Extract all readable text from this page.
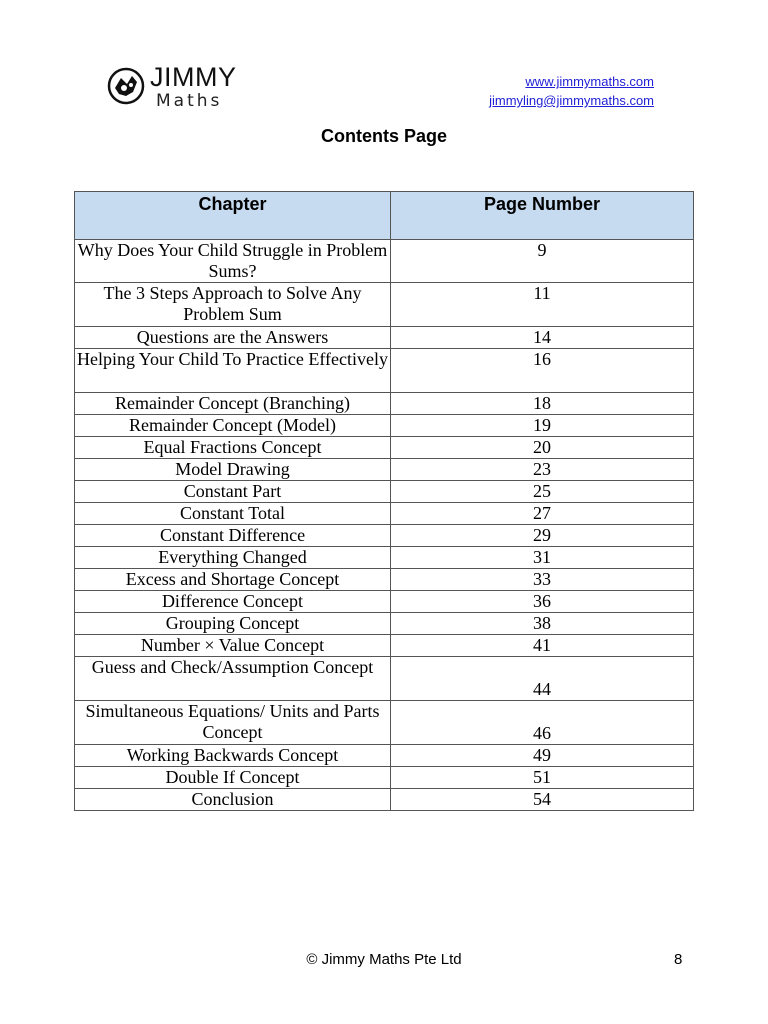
JIMMY
Maths
www.jimmymaths.com
jimmyling@jimmymaths.com
Contents Page
Chapter	Page Number
Why Does Your Child Struggle in Problem Sums?	9
The 3 Steps Approach to Solve Any Problem Sum	11
Questions are the Answers	14
Helping Your Child To Practice Effectively	16
Remainder Concept (Branching)	18
Remainder Concept (Model)	19
Equal Fractions Concept	20
Model Drawing	23
Constant Part	25
Constant Total	27
Constant Difference	29
Everything Changed	31
Excess and Shortage Concept	33
Difference Concept	36
Grouping Concept	38
Number × Value Concept	41
Guess and Check/Assumption Concept	44
Simultaneous Equations/ Units and Parts Concept	46
Working Backwards Concept	49
Double If Concept	51
Conclusion	54
© Jimmy Maths Pte Ltd	8
